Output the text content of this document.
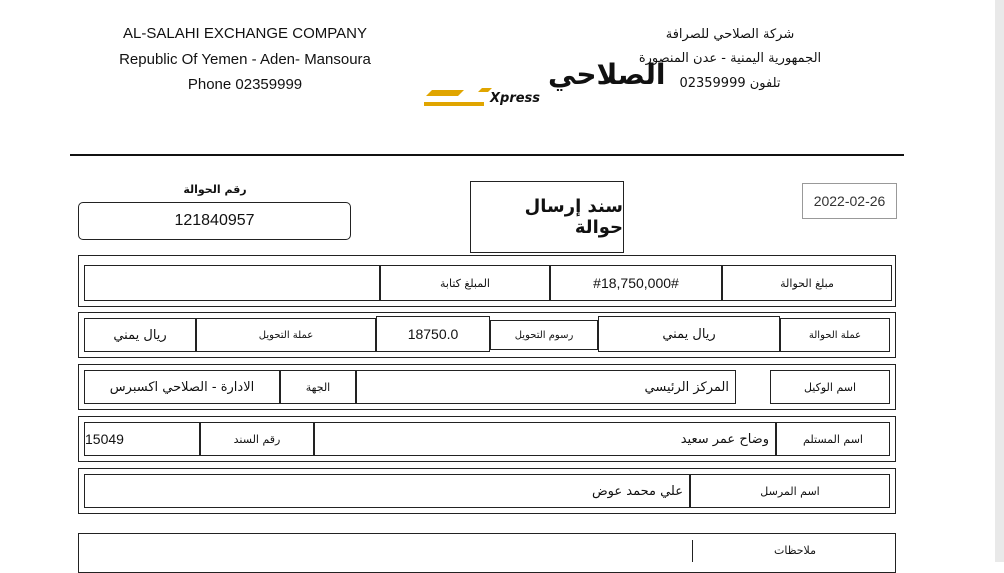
AL-SALAHI EXCHANGE COMPANY
Republic Of Yemen - Aden- Mansoura
Phone 02359999
شركة الصلاحي للصرافة
الجمهورية اليمنية - عدن المنصورة
تلفون 02359999
الصلاحي
Xpress
رقم الحوالة
121840957
سند إرسال حوالة
2022-02-26
مبلغ الحوالة
#18,750,000#
المبلغ كتابة
عملة الحوالة
ريال يمني
رسوم التحويل
18750.0
عملة التحويل
ريال يمني
اسم الوكيل
المركز الرئيسي
الجهة
الادارة - الصلاحي اكسبرس
اسم المستلم
وضاح عمر سعيد
رقم السند
15049
اسم المرسل
علي محمد عوض
ملاحظات
